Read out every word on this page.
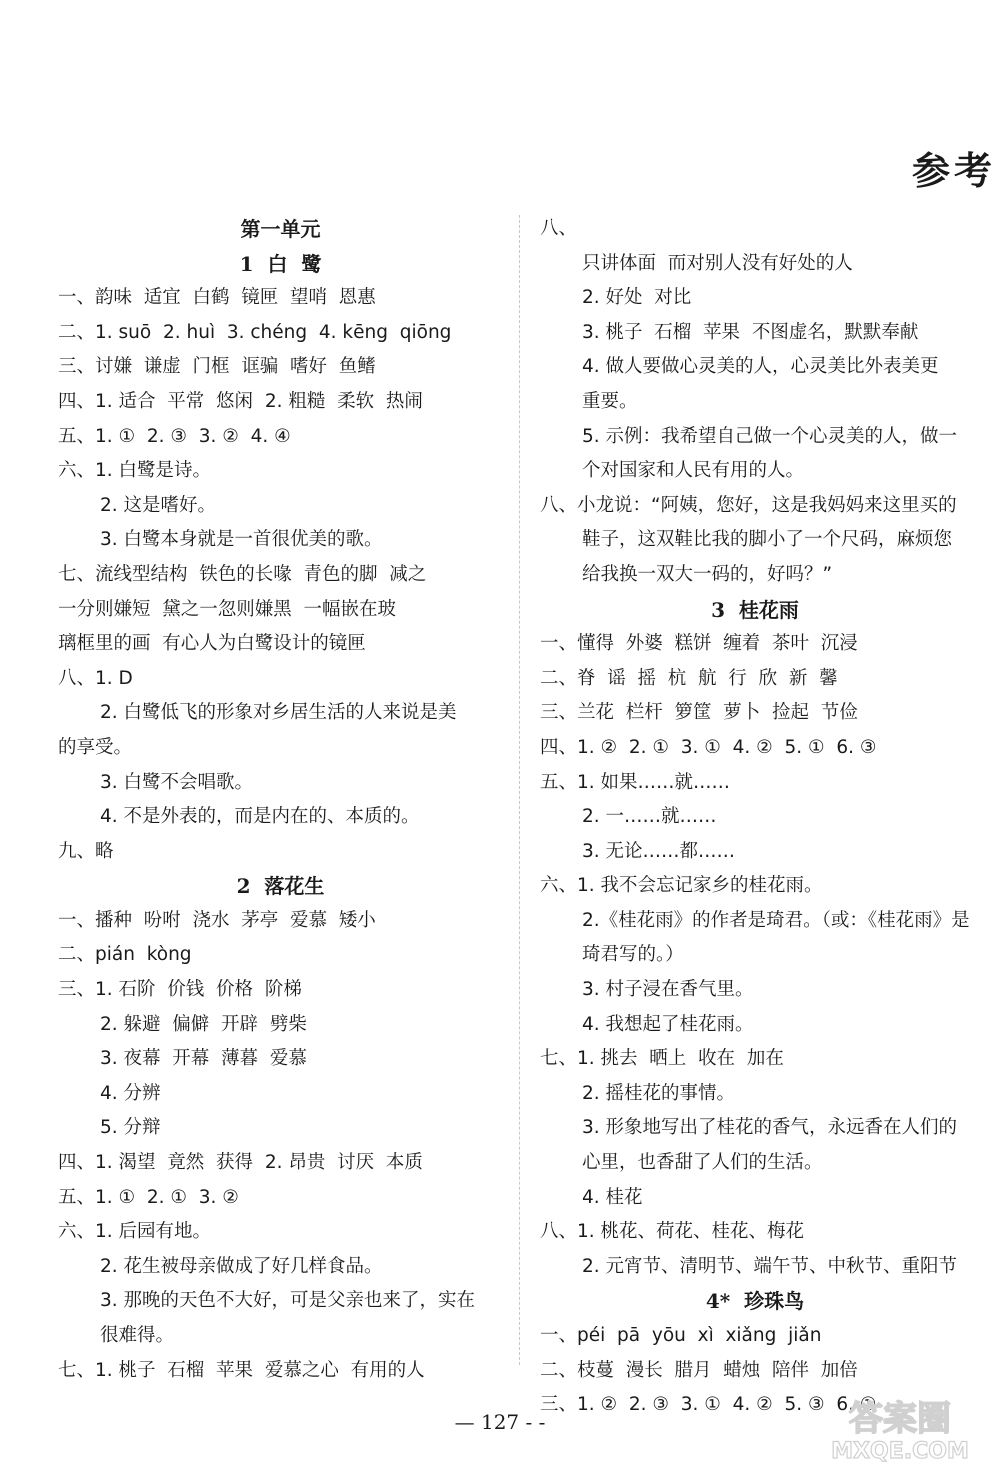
参考
第一单元
1  白  鹭
一、韵味  适宜  白鹤  镜匣  望哨  恩惠
二、1. suō  2. huì  3. chéng  4. kēng  qiōng
三、讨嫌  谦虚  门框  诓骗  嗜好  鱼鳍
四、1. 适合  平常  悠闲  2. 粗糙  柔软  热闹
五、1. ①  2. ③  3. ②  4. ④
六、1. 白鹭是诗。
2. 这是嗜好。
3. 白鹭本身就是一首很优美的歌。
七、流线型结构  铁色的长喙  青色的脚  减之
一分则嫌短  黛之一忽则嫌黑  一幅嵌在玻
璃框里的画  有心人为白鹭设计的镜匣
八、1. D
2. 白鹭低飞的形象对乡居生活的人来说是美
的享受。
3. 白鹭不会唱歌。
4. 不是外表的，而是内在的、本质的。
九、略
2  落花生
一、播种  吩咐  浇水  茅亭  爱慕  矮小
二、pián  kòng
三、1. 石阶  价钱  价格  阶梯
2. 躲避  偏僻  开辟  劈柴
3. 夜幕  开幕  薄暮  爱慕
4. 分辨
5. 分辩
四、1. 渴望  竟然  获得  2. 昂贵  讨厌  本质
五、1. ①  2. ①  3. ②
六、1. 后园有地。
2. 花生被母亲做成了好几样食品。
3. 那晚的天色不大好，可是父亲也来了，实在
很难得。
七、1. 桃子  石榴  苹果  爱慕之心  有用的人
八、
只讲体面  而对别人没有好处的人
2. 好处  对比
3. 桃子  石榴  苹果  不图虚名，默默奉献
4. 做人要做心灵美的人，心灵美比外表美更
重要。
5. 示例：我希望自己做一个心灵美的人，做一
个对国家和人民有用的人。
八、小龙说：“阿姨，您好，这是我妈妈来这里买的
鞋子，这双鞋比我的脚小了一个尺码，麻烦您
给我换一双大一码的，好吗？”
3  桂花雨
一、懂得  外婆  糕饼  缠着  茶叶  沉浸
二、脊  谣  摇  杭  航  行  欣  新  馨
三、兰花  栏杆  箩筐  萝卜  捡起  节俭
四、1. ②  2. ①  3. ①  4. ②  5. ①  6. ③
五、1. 如果……就……
2. 一……就……
3. 无论……都……
六、1. 我不会忘记家乡的桂花雨。
2.《桂花雨》的作者是琦君。（或：《桂花雨》是
琦君写的。）
3. 村子浸在香气里。
4. 我想起了桂花雨。
七、1. 挑去  晒上  收在  加在
2. 摇桂花的事情。
3. 形象地写出了桂花的香气，永远香在人们的
心里，也香甜了人们的生活。
4. 桂花
八、1. 桃花、荷花、桂花、梅花
2. 元宵节、清明节、端午节、中秋节、重阳节
4*  珍珠鸟
一、péi  pā  yōu  xì  xiǎng  jiǎn
二、枝蔓  漫长  腊月  蜡烛  陪伴  加倍
三、1. ②  2. ③  3. ①  4. ②  5. ③  6. ①
— 127 - -	答案圈
MXQE.COM
